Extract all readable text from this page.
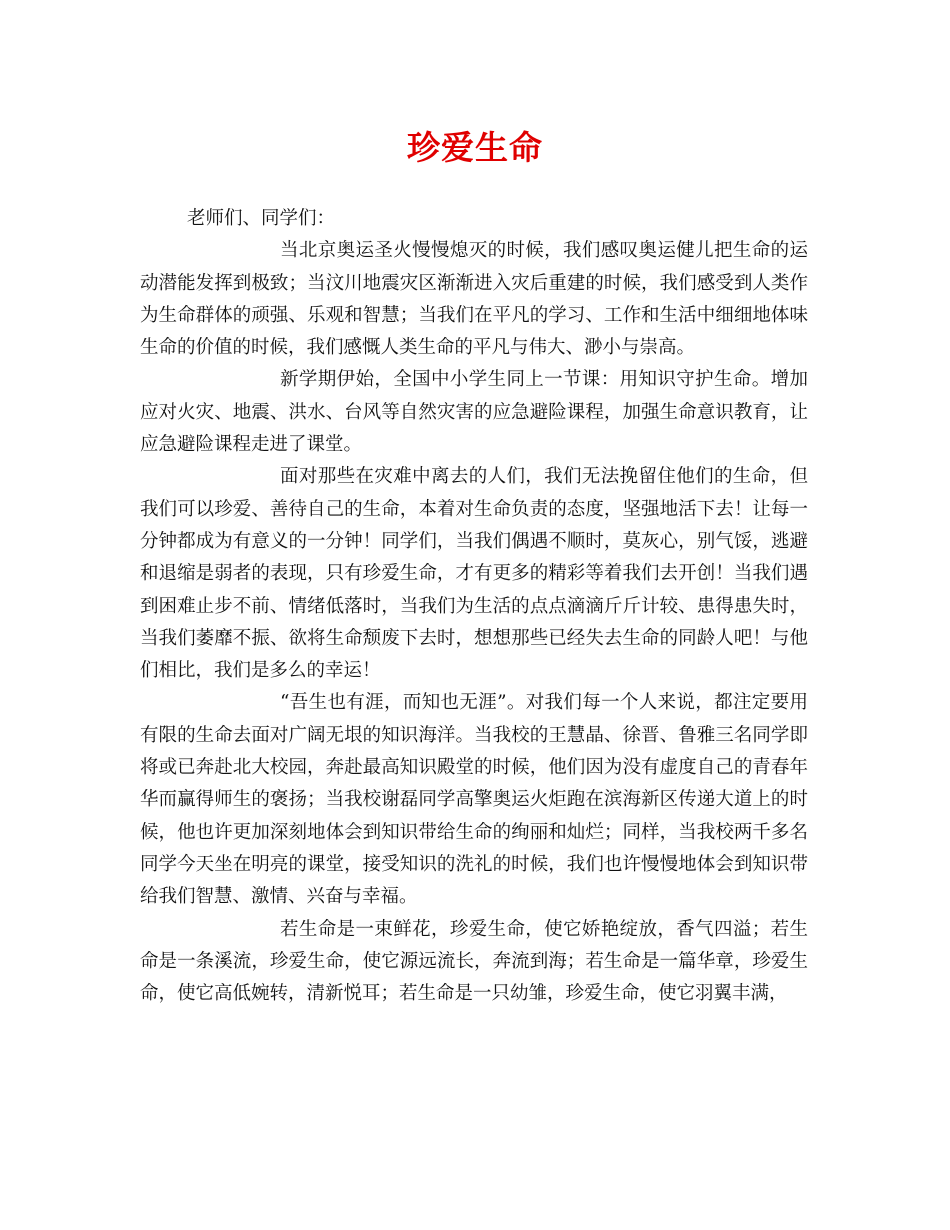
珍爱生命

老师们、同学们：

当北京奥运圣火慢慢熄灭的时候，我们感叹奥运健儿把生命的运动潜能发挥到极致；当汶川地震灾区渐渐进入灾后重建的时候，我们感受到人类作为生命群体的顽强、乐观和智慧；当我们在平凡的学习、工作和生活中细细地体味生命的价值的时候，我们感慨人类生命的平凡与伟大、渺小与崇高。

新学期伊始，全国中小学生同上一节课：用知识守护生命。增加应对火灾、地震、洪水、台风等自然灾害的应急避险课程，加强生命意识教育，让应急避险课程走进了课堂。

面对那些在灾难中离去的人们，我们无法挽留住他们的生命，但我们可以珍爱、善待自己的生命，本着对生命负责的态度，坚强地活下去！让每一分钟都成为有意义的一分钟！同学们，当我们偶遇不顺时，莫灰心，别气馁，逃避和退缩是弱者的表现，只有珍爱生命，才有更多的精彩等着我们去开创！当我们遇到困难止步不前、情绪低落时，当我们为生活的点点滴滴斤斤计较、患得患失时，当我们萎靡不振、欲将生命颓废下去时，想想那些已经失去生命的同龄人吧！与他们相比，我们是多么的幸运！

“吾生也有涯，而知也无涯”。对我们每一个人来说，都注定要用有限的生命去面对广阔无垠的知识海洋。当我校的王慧晶、徐晋、鲁雅三名同学即将或已奔赴北大校园，奔赴最高知识殿堂的时候，他们因为没有虚度自己的青春年华而赢得师生的褒扬；当我校谢磊同学高擎奥运火炬跑在滨海新区传递大道上的时候，他也许更加深刻地体会到知识带给生命的绚丽和灿烂；同样，当我校两千多名同学今天坐在明亮的课堂，接受知识的洗礼的时候，我们也许慢慢地体会到知识带给我们智慧、激情、兴奋与幸福。

若生命是一束鲜花，珍爱生命，使它娇艳绽放，香气四溢；若生命是一条溪流，珍爱生命，使它源远流长，奔流到海；若生命是一篇华章，珍爱生命，使它高低婉转，清新悦耳；若生命是一只幼雏，珍爱生命，使它羽翼丰满，
